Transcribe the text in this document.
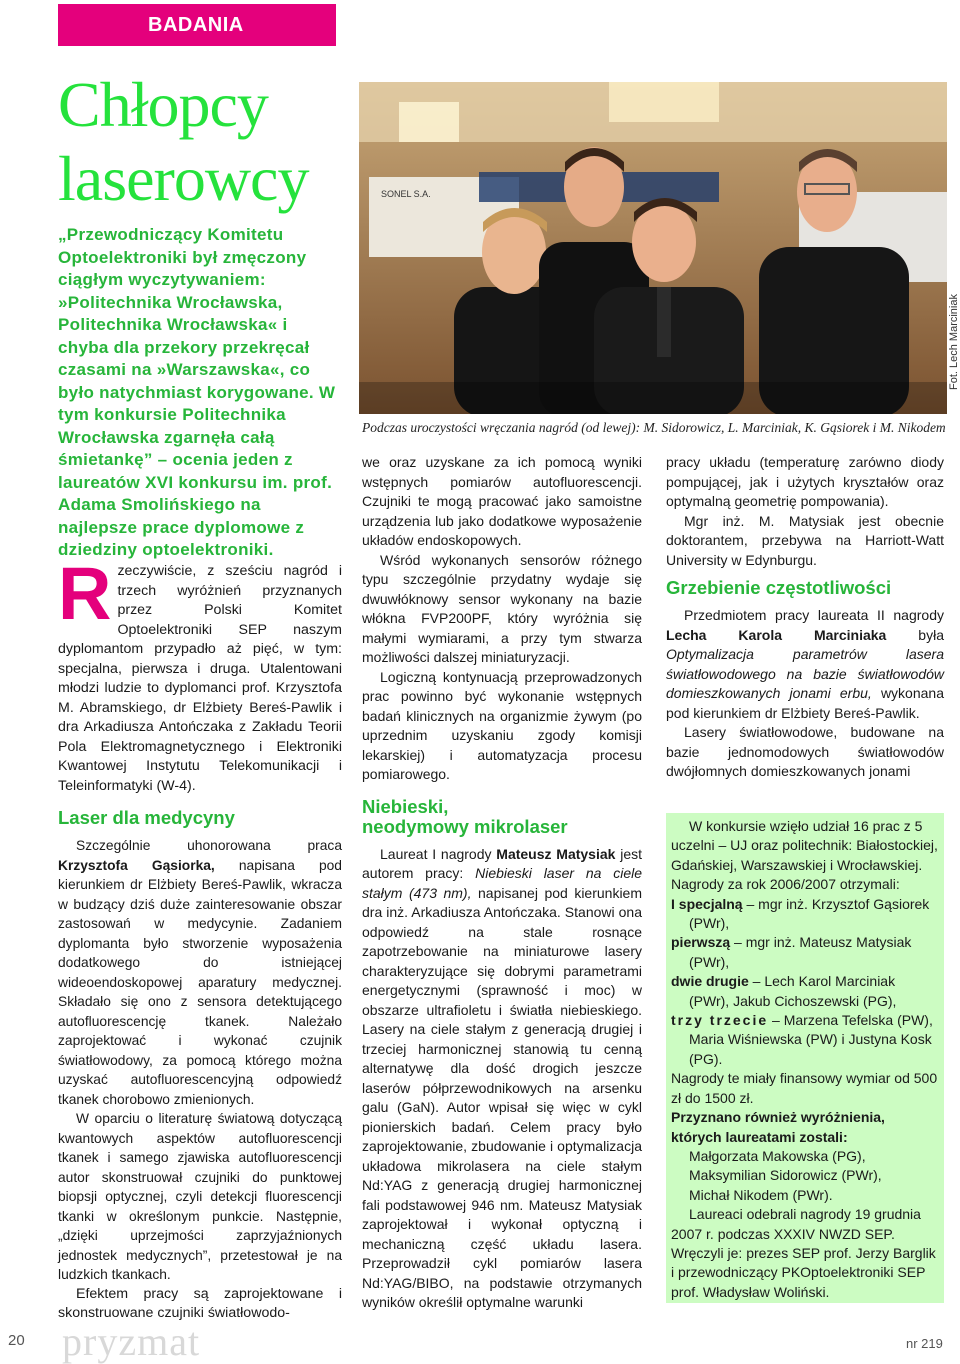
BADANIA
Chłopcy
laserowcy

„Przewodniczący Komitetu Optoelektroniki był zmęczony ciągłym wyczytywaniem: »Politechnika Wrocławska, Politechnika Wrocławska« i chyba dla przekory przekręcał czasami na »Warszawska«, co było natychmiast korygowane. W tym konkursie Politechnika Wrocławska zgarnęła całą śmietankę” – ocenia jeden z laureatów XVI konkursu im. prof. Adama Smolińskiego na najlepsze prace dyplomowe z dziedziny optoelektroniki.

Rzeczywiście, z sześciu nagród i trzech wyróżnień przyznanych przez Polski Komitet Optoelektroniki SEP naszym dyplomantom przypadło aż pięć, w tym: specjalna, pierwsza i druga. Utalentowani młodzi ludzie to dyplomanci prof. Krzysztofa M. Abramskiego, dr Elżbiety Bereś-Pawlik i dra Arkadiusza Antończaka z Zakładu Teorii Pola Elektromagnetycznego i Elektroniki Kwantowej Instytutu Telekomunikacji i Teleinformatyki (W-4).

Laser dla medycyny

Szczególnie uhonorowana praca Krzysztofa Gąsiorka, napisana pod kierunkiem dr Elżbiety Bereś-Pawlik, wkracza w budzący dziś duże zainteresowanie obszar zastosowań w medycynie. Zadaniem dyplomanta było stworzenie wyposażenia dodatkowego do istniejącej wideoendoskopowej aparatury medycznej. Składało się ono z sensora detektującego autofluorescencję tkanek. Należało zaprojektować i wykonać czujnik światłowodowy, za pomocą którego można uzyskać autofluorescencyjną odpowiedź tkanek chorobowo zmienionych.

W oparciu o literaturę światową dotyczącą kwantowych aspektów autofluorescencji tkanek i samego zjawiska autofluorescencji autor skonstruował czujniki do punktowej biopsji optycznej, czyli detekcji fluorescencji tkanki w określonym punkcie. Następnie, „dzięki uprzejmości zaprzyjaźnionych jednostek medycznych”, przetestował je na ludzkich tkankach.

Efektem pracy są zaprojektowane i skonstruowane czujniki światłowodo-

SONEL S.A.
Fot. Lech Marciniak

Podczas uroczystości wręczania nagród (od lewej): M. Sidorowicz, L. Marciniak, K. Gąsiorek i M. Nikodem

we oraz uzyskane za ich pomocą wyniki wstępnych pomiarów autofluorescencji. Czujniki te mogą pracować jako samoistne urządzenia lub jako dodatkowe wyposażenie układów endoskopowych.

Wśród wykonanych sensorów różnego typu szczególnie przydatny wydaje się dwuwłóknowy sensor wykonany na bazie włókna FVP200PF, który wyróżnia się małymi wymiarami, a przy tym stwarza możliwości dalszej miniaturyzacji.

Logiczną kontynuacją przeprowadzonych prac powinno być wykonanie wstępnych badań klinicznych na organizmie żywym (po uprzednim uzyskaniu zgody komisji lekarskiej) i automatyzacja procesu pomiarowego.

Niebieski,
neodymowy mikrolaser

Laureat I nagrody Mateusz Matysiak jest autorem pracy: Niebieski laser na ciele stałym (473 nm), napisanej pod kierunkiem dra inż. Arkadiusza Antończaka. Stanowi ona odpowiedź na stale rosnące zapotrzebowanie na miniaturowe lasery charakteryzujące się dobrymi parametrami energetycznymi (sprawność i moc) w obszarze ultrafioletu i światła niebieskiego. Lasery na ciele stałym z generacją drugiej i trzeciej harmonicznej stanowią tu cenną alternatywę dla dość drogich jeszcze laserów półprzewodnikowych na arsenku galu (GaN). Autor wpisał się więc w cykl pionierskich badań. Celem pracy było zaprojektowanie, zbudowanie i optymalizacja układowa mikrolasera na ciele stałym Nd:YAG z generacją drugiej harmonicznej fali podstawowej 946 nm. Mateusz Matysiak zaprojektował i wykonał optyczną i mechaniczną część układu lasera. Przeprowadził cykl pomiarów lasera Nd:YAG/BIBO, na podstawie otrzymanych wyników określił optymalne warunki

pracy układu (temperaturę zarówno diody pompującej, jak i użytych kryształów oraz optymalną geometrię pompowania).

Mgr inż. M. Matysiak jest obecnie doktorantem, przebywa na Harriott-Watt University w Edynburgu.

Grzebienie częstotliwości

Przedmiotem pracy laureata II nagrody Lecha Karola Marciniaka była Optymalizacja parametrów lasera światłowodowego na bazie światłowodów domieszkowanych jonami erbu, wykonana pod kierunkiem dr Elżbiety Bereś-Pawlik.

Lasery światłowodowe, budowane na bazie jednomodowych światłowodów dwójłomnych domieszkowanych jonami

W konkursie wzięło udział 16 prac z 5 uczelni – UJ oraz politechnik: Białostockiej, Gdańskiej, Warszawskiej i Wrocławskiej.

Nagrody za rok 2006/2007 otrzymali:

I specjalną – mgr inż. Krzysztof Gąsiorek (PWr),

pierwszą – mgr inż. Mateusz Matysiak (PWr),

dwie drugie – Lech Karol Marciniak (PWr), Jakub Cichoszewski (PG),

trzy trzecie – Marzena Tefelska (PW), Maria Wiśniewska (PW) i Justyna Kosk (PG).

Nagrody te miały finansowy wymiar od 500 zł do 1500 zł.

Przyznano również wyróżnienia, których laureatami zostali:

Małgorzata Makowska (PG),

Maksymilian Sidorowicz (PWr),

Michał Nikodem (PWr).

Laureaci odebrali nagrody 19 grudnia 2007 r. podczas XXXIV NWZD SEP. Wręczyli je: prezes SEP prof. Jerzy Barglik i przewodniczący PKOptoelektroniki SEP prof. Władysław Woliński.

20 pryzmat	nr 219
